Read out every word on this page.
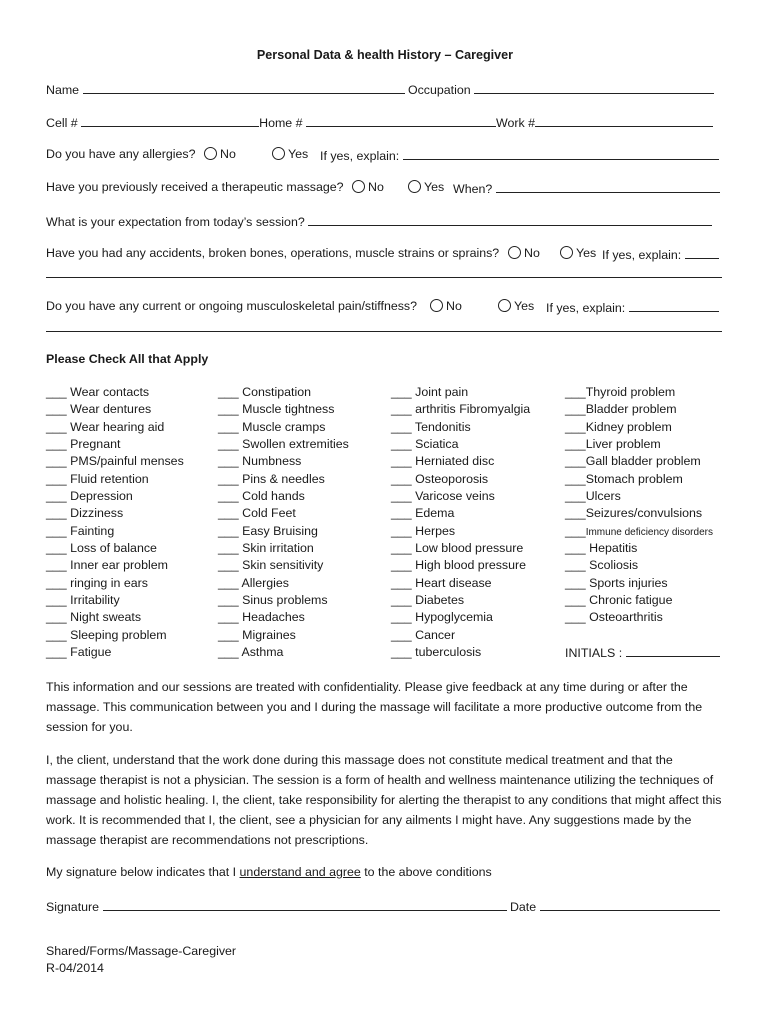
Personal Data & health History – Caregiver
Name	Occupation
Cell #	Home #	Work #
Do you have any allergies?	No	Yes If yes, explain:
Have you previously received a therapeutic massage?	No	Yes When?
What is your expectation from today’s session?
Have you had any accidents, broken bones, operations, muscle strains or sprains?	No	Yes If yes, explain:
Do you have any current or ongoing musculoskeletal pain/stiffness?	No	Yes If yes, explain:
Please Check All that Apply
___ Wear contacts
___ Wear dentures
___ Wear hearing aid
___ Pregnant
___ PMS/painful menses
___ Fluid retention
___ Depression
___ Dizziness
___ Fainting
___ Loss of balance
___ Inner ear problem
___ ringing in ears
___ Irritability
___ Night sweats
___ Sleeping problem
___ Fatigue
___ Constipation
___ Muscle tightness
___ Muscle cramps
___ Swollen extremities
___ Numbness
___ Pins & needles
___ Cold hands
___ Cold Feet
___ Easy Bruising
___ Skin irritation
___ Skin sensitivity
___ Allergies
___ Sinus problems
___ Headaches
___ Migraines
___ Asthma
___ Joint pain
___ arthritis Fibromyalgia
___ Tendonitis
___ Sciatica
___ Herniated disc
___ Osteoporosis
___ Varicose veins
___ Edema
___ Herpes
___ Low blood pressure
___ High blood pressure
___ Heart disease
___ Diabetes
___ Hypoglycemia
___ Cancer
___ tuberculosis
___Thyroid problem
___Bladder problem
___Kidney problem
___Liver problem
___Gall bladder problem
___Stomach problem
___Ulcers
___Seizures/convulsions
___Immune deficiency disorders
___ Hepatitis
___ Scoliosis
___ Sports injuries
___ Chronic fatigue
___ Osteoarthritis

INITIALS :
This information and our sessions are treated with confidentiality. Please give feedback at any time during or after the massage. This communication between you and I during the massage will facilitate a more productive outcome from the session for you.
I, the client, understand that the work done during this massage does not constitute medical treatment and that the massage therapist is not a physician. The session is a form of health and wellness maintenance utilizing the techniques of massage and holistic healing. I, the client, take responsibility for alerting the therapist to any conditions that might affect this work. It is recommended that I, the client, see a physician for any ailments I might have. Any suggestions made by the massage therapist are recommendations not prescriptions.
My signature below indicates that I understand and agree to the above conditions
Signature	Date
Shared/Forms/Massage-Caregiver
R-04/2014
